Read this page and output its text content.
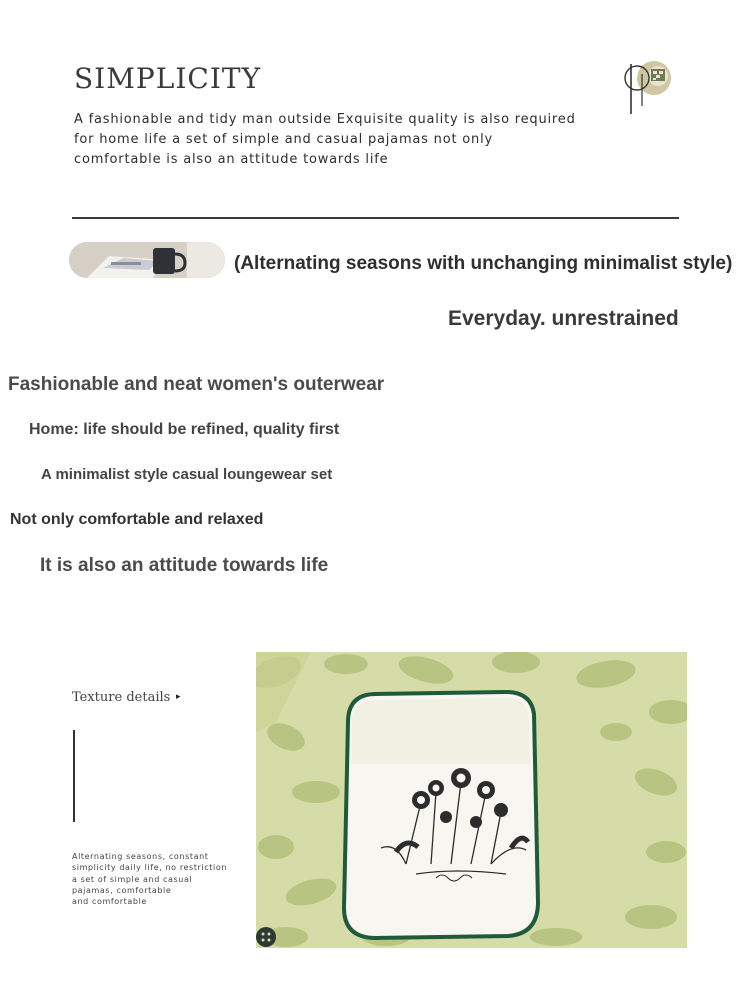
SIMPLICITY
A fashionable and tidy man outside Exquisite quality is also required
for home life a set of simple and casual pajamas not only
comfortable is also an attitude towards life
(Alternating seasons with unchanging minimalist style)
Everyday. unrestrained
Fashionable and neat women's outerwear
Home: life should be refined, quality first
A minimalist style casual loungewear set
Not only comfortable and relaxed
It is also an attitude towards life
Texture details ▸
Alternating seasons, constant
simplicity daily life, no restriction
a set of simple and casual
pajamas, comfortable
and comfortable
